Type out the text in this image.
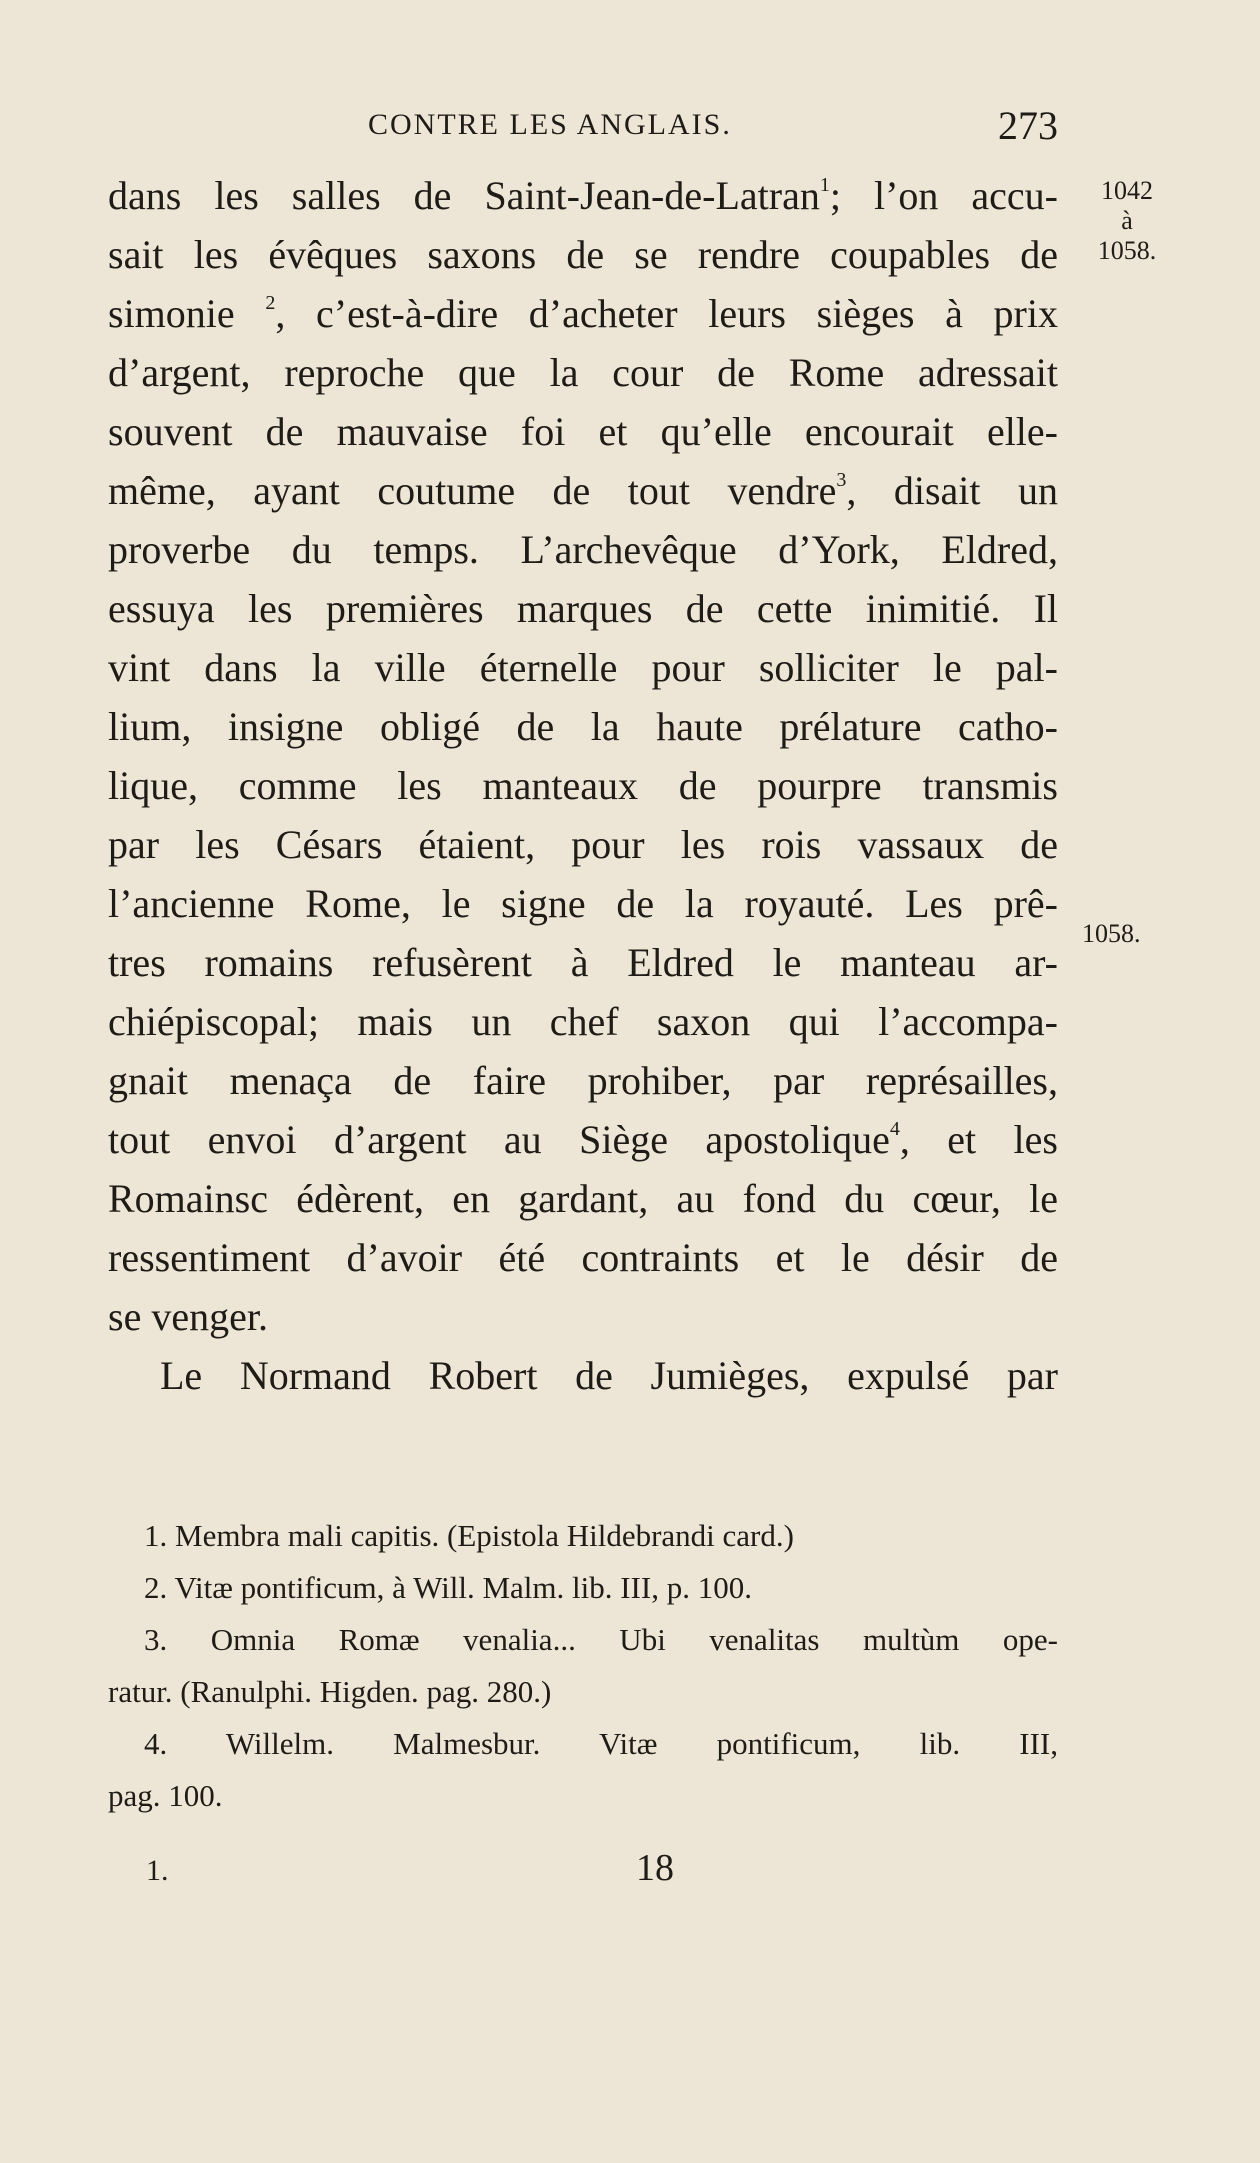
CONTRE LES ANGLAIS.	273
1042
à
1058.
1058.
dans les salles de Saint-Jean-de-Latran$^1$; l’on accu-
sait les évêques saxons de se rendre coupables de
simonie $^2$, c’est-à-dire d’acheter leurs sièges à prix
d’argent, reproche que la cour de Rome adressait
souvent de mauvaise foi et qu’elle encourait elle-
même, ayant coutume de tout vendre$^3$, disait un
proverbe du temps. L’archevêque d’York, Eldred,
essuya les premières marques de cette inimitié. Il
vint dans la ville éternelle pour solliciter le pal-
lium, insigne obligé de la haute prélature catho-
lique, comme les manteaux de pourpre transmis
par les Césars étaient, pour les rois vassaux de
l’ancienne Rome, le signe de la royauté. Les prê-
tres romains refusèrent à Eldred le manteau ar-
chiépiscopal; mais un chef saxon qui l’accompa-
gnait menaça de faire prohiber, par représailles,
tout envoi d’argent au Siège apostolique$^4$, et les
Romainsc édèrent, en gardant, au fond du cœur, le
ressentiment d’avoir été contraints et le désir de
se venger.
Le Normand Robert de Jumièges, expulsé par
1. Membra mali capitis. (Epistola Hildebrandi card.)
2. Vitæ pontificum, à Will. Malm. lib. III, p. 100.
3. Omnia Romæ venalia... Ubi venalitas multùm ope-
ratur. (Ranulphi. Higden. pag. 280.)
4. Willelm. Malmesbur. Vitæ pontificum, lib. III,
pag. 100.
1.	18
